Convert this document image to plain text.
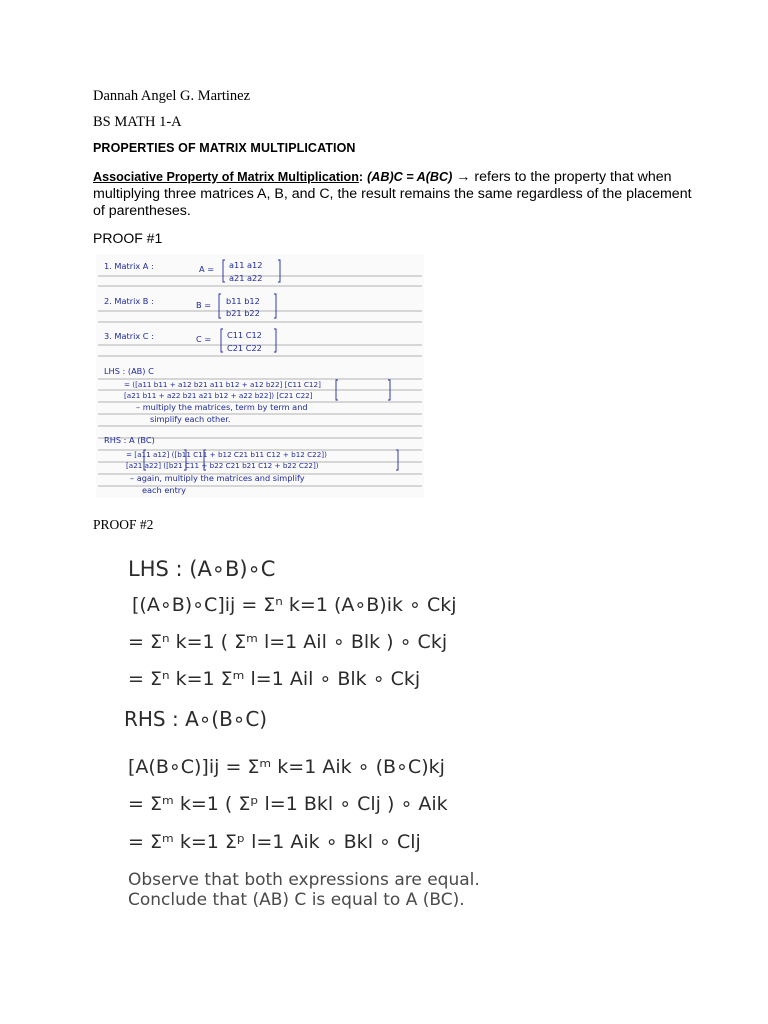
Dannah Angel G. Martinez
BS MATH 1-A
PROPERTIES OF MATRIX MULTIPLICATION
Associative Property of Matrix Multiplication: (AB)C = A(BC) → refers to the property that when multiplying three matrices A, B, and C, the result remains the same regardless of the placement of parentheses.
PROOF #1
1. Matrix A :	A = a11 a12
a21 a22
2. Matrix B :	B = b11 b12
b21 b22
3. Matrix C :	C = C11 C12
C21 C22
LHS : (AB) C
= ([a11 b11 + a12 b21 a11 b12 + a12 b22] [C11 C12]
[a21 b11 + a22 b21 a21 b12 + a22 b22]) [C21 C22]
– multiply the matrices, term by term and
simplify each other.
RHS : A (BC)
= [a11 a12] ([b11 C11 + b12 C21 b11 C12 + b12 C22])
[a21 a22] ([b21 C11 + b22 C21 b21 C12 + b22 C22])
– again, multiply the matrices and simplify
each entry
PROOF #2
LHS : (A∘B)∘C
[(A∘B)∘C]ij = Σⁿ k=1 (A∘B)ik ∘ Ckj
= Σⁿ k=1 ( Σᵐ l=1 Ail ∘ Blk ) ∘ Ckj
= Σⁿ k=1 Σᵐ l=1 Ail ∘ Blk ∘ Ckj
RHS : A∘(B∘C)
[A(B∘C)]ij = Σᵐ k=1 Aik ∘ (B∘C)kj
= Σᵐ k=1 ( Σᵖ l=1 Bkl ∘ Clj ) ∘ Aik
= Σᵐ k=1 Σᵖ l=1 Aik ∘ Bkl ∘ Clj
Observe that both expressions are equal.
Conclude that (AB) C is equal to A (BC).
